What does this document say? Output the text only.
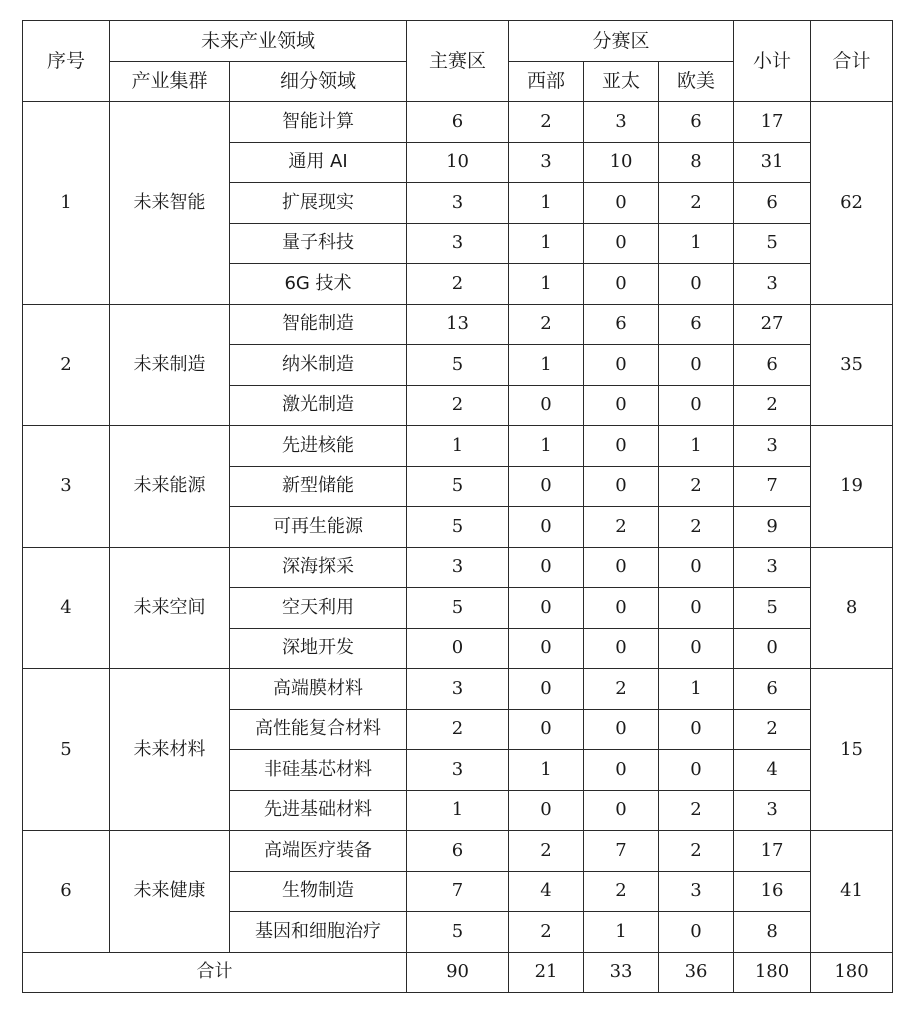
序号	未来产业领域		主赛区	分赛区			小计	合计
	产业集群	细分领域		西部	亚太	欧美		
1	未来智能	智能计算	6	2	3	6	17	62
		通用 AI	10	3	10	8	31	
		扩展现实	3	1	0	2	6	
		量子科技	3	1	0	1	5	
		6G 技术	2	1	0	0	3	
2	未来制造	智能制造	13	2	6	6	27	35
		纳米制造	5	1	0	0	6	
		激光制造	2	0	0	0	2	
3	未来能源	先进核能	1	1	0	1	3	19
		新型储能	5	0	0	2	7	
		可再生能源	5	0	2	2	9	
4	未来空间	深海探采	3	0	0	0	3	8
		空天利用	5	0	0	0	5	
		深地开发	0	0	0	0	0	
5	未来材料	高端膜材料	3	0	2	1	6	15
		高性能复合材料	2	0	0	0	2	
		非硅基芯材料	3	1	0	0	4	
		先进基础材料	1	0	0	2	3	
6	未来健康	高端医疗装备	6	2	7	2	17	41
		生物制造	7	4	2	3	16	
		基因和细胞治疗	5	2	1	0	8	
合计			90	21	33	36	180	180
